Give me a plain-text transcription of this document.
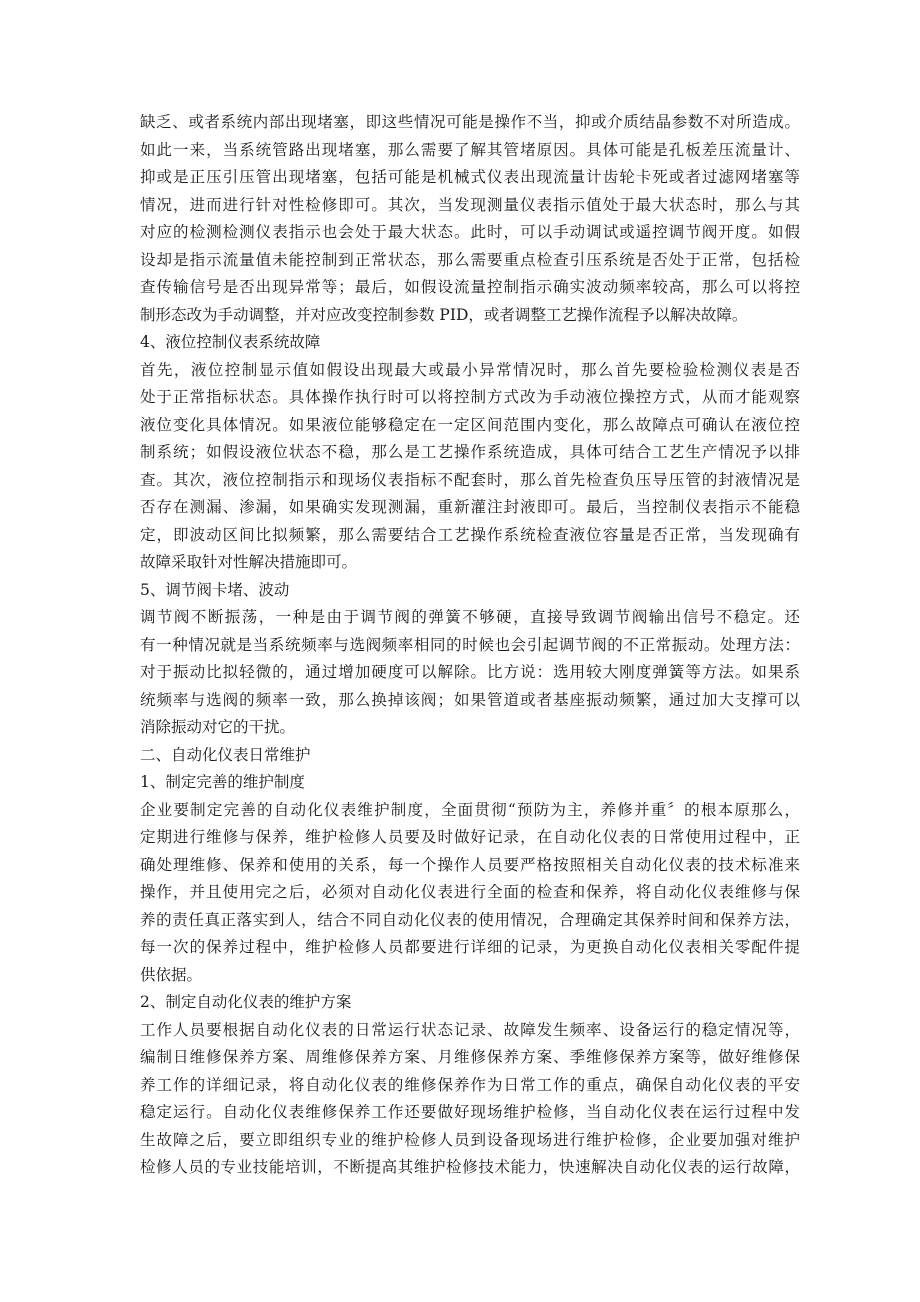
缺乏、或者系统内部出现堵塞，即这些情况可能是操作不当，抑或介质结晶参数不对所造成。
如此一来，当系统管路出现堵塞，那么需要了解其管堵原因。具体可能是孔板差压流量计、
抑或是正压引压管出现堵塞，包括可能是机械式仪表出现流量计齿轮卡死或者过滤网堵塞等
情况，进而进行针对性检修即可。其次，当发现测量仪表指示值处于最大状态时，那么与其
对应的检测检测仪表指示也会处于最大状态。此时，可以手动调试或遥控调节阀开度。如假
设却是指示流量值未能控制到正常状态，那么需要重点检查引压系统是否处于正常，包括检
查传输信号是否出现异常等；最后，如假设流量控制指示确实波动频率较高，那么可以将控
制形态改为手动调整，并对应改变控制参数 PID，或者调整工艺操作流程予以解决故障。
4、液位控制仪表系统故障
首先，液位控制显示值如假设出现最大或最小异常情况时，那么首先要检验检测仪表是否
处于正常指标状态。具体操作执行时可以将控制方式改为手动液位操控方式，从而才能观察
液位变化具体情况。如果液位能够稳定在一定区间范围内变化，那么故障点可确认在液位控
制系统；如假设液位状态不稳，那么是工艺操作系统造成，具体可结合工艺生产情况予以排
查。其次，液位控制指示和现场仪表指标不配套时，那么首先检查负压导压管的封液情况是
否存在测漏、渗漏，如果确实发现测漏，重新灌注封液即可。最后，当控制仪表指示不能稳
定，即波动区间比拟频繁，那么需要结合工艺操作系统检查液位容量是否正常，当发现确有
故障采取针对性解决措施即可。
5、调节阀卡堵、波动
调节阀不断振荡，一种是由于调节阀的弹簧不够硬，直接导致调节阀输出信号不稳定。还
有一种情况就是当系统频率与选阀频率相同的时候也会引起调节阀的不正常振动。处理方法：
对于振动比拟轻微的，通过增加硬度可以解除。比方说：选用较大刚度弹簧等方法。如果系
统频率与选阀的频率一致，那么换掉该阀；如果管道或者基座振动频繁，通过加大支撑可以
消除振动对它的干扰。
二、自动化仪表日常维护
1、制定完善的维护制度
企业要制定完善的自动化仪表维护制度，全面贯彻“预防为主，养修并重〞的根本原那么，
定期进行维修与保养，维护检修人员要及时做好记录，在自动化仪表的日常使用过程中，正
确处理维修、保养和使用的关系，每一个操作人员要严格按照相关自动化仪表的技术标准来
操作，并且使用完之后，必须对自动化仪表进行全面的检查和保养，将自动化仪表维修与保
养的责任真正落实到人，结合不同自动化仪表的使用情况，合理确定其保养时间和保养方法，
每一次的保养过程中，维护检修人员都要进行详细的记录，为更换自动化仪表相关零配件提
供依据。
2、制定自动化仪表的维护方案
工作人员要根据自动化仪表的日常运行状态记录、故障发生频率、设备运行的稳定情况等，
编制日维修保养方案、周维修保养方案、月维修保养方案、季维修保养方案等，做好维修保
养工作的详细记录，将自动化仪表的维修保养作为日常工作的重点，确保自动化仪表的平安
稳定运行。自动化仪表维修保养工作还要做好现场维护检修，当自动化仪表在运行过程中发
生故障之后，要立即组织专业的维护检修人员到设备现场进行维护检修，企业要加强对维护
检修人员的专业技能培训，不断提高其维护检修技术能力，快速解决自动化仪表的运行故障，
